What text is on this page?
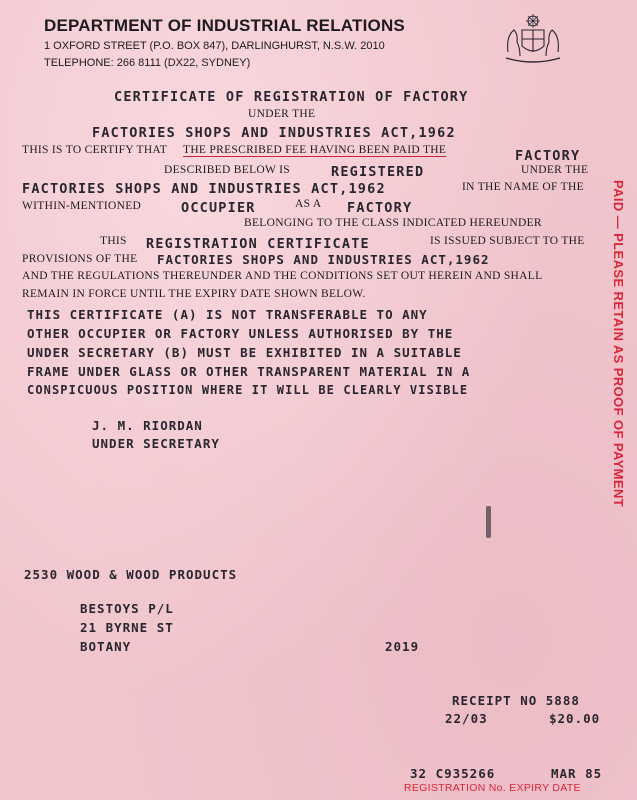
DEPARTMENT OF INDUSTRIAL RELATIONS
1 OXFORD STREET (P.O. BOX 847), DARLINGHURST, N.S.W. 2010
TELEPHONE: 266 8111 (DX22, SYDNEY)
CERTIFICATE OF REGISTRATION OF FACTORY
UNDER THE
FACTORIES SHOPS AND INDUSTRIES ACT,1962
THIS IS TO CERTIFY THAT THE PRESCRIBED FEE HAVING BEEN PAID THE	FACTORY
DESCRIBED BELOW IS	REGISTERED	UNDER THE
FACTORIES SHOPS AND INDUSTRIES ACT,1962	IN THE NAME OF THE
WITHIN-MENTIONED	OCCUPIER	AS A FACTORY
BELONGING TO THE CLASS INDICATED HEREUNDER
THIS REGISTRATION CERTIFICATE	IS ISSUED SUBJECT TO THE
PROVISIONS OF THE FACTORIES SHOPS AND INDUSTRIES ACT,1962
AND THE REGULATIONS THEREUNDER AND THE CONDITIONS SET OUT HEREIN AND SHALL
REMAIN IN FORCE UNTIL THE EXPIRY DATE SHOWN BELOW.
THIS CERTIFICATE (A) IS NOT TRANSFERABLE TO ANY
OTHER OCCUPIER OR FACTORY UNLESS AUTHORISED BY THE
UNDER SECRETARY (B) MUST BE EXHIBITED IN A SUITABLE
FRAME UNDER GLASS OR OTHER TRANSPARENT MATERIAL IN A
CONSPICUOUS POSITION WHERE IT WILL BE CLEARLY VISIBLE
J. M. RIORDAN
UNDER SECRETARY
2530 WOOD & WOOD PRODUCTS
BESTOYS P/L
21 BYRNE ST
BOTANY	2019
RECEIPT NO 5888
22/03	$20.00
32 C935266	MAR 85
REGISTRATION No. EXPIRY DATE
PAID — PLEASE RETAIN AS PROOF OF PAYMENT
